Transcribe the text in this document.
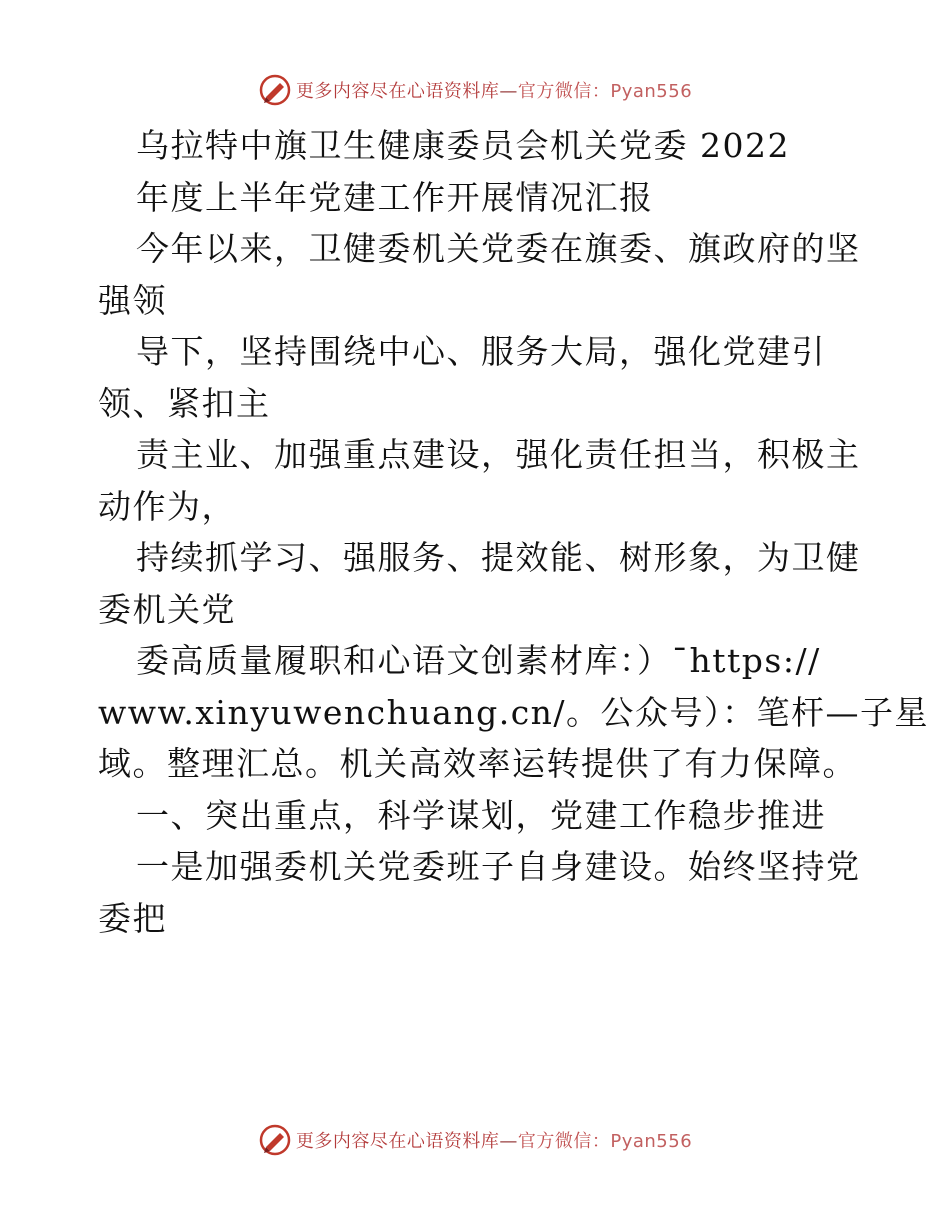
更多内容尽在心语资料库—官方微信：Pyan556
乌拉特中旗卫生健康委员会机关党委 2022
年度上半年党建工作开展情况汇报
今年以来，卫健委机关党委在旗委、旗政府的坚
强领
导下，坚持围绕中心、服务大局，强化党建引
领、紧扣主
责主业、加强重点建设，强化责任担当，积极主
动作为，
持续抓学习、强服务、提效能、树形象，为卫健
委机关党
委高质量履职和心语文创素材库：）¯https://
www.xinyuwenchuang.cn/。公众号）：笔杆—子星
域。整理汇总。机关高效率运转提供了有力保障。
一、突出重点，科学谋划，党建工作稳步推进
一是加强委机关党委班子自身建设。始终坚持党
委把
更多内容尽在心语资料库—官方微信：Pyan556
